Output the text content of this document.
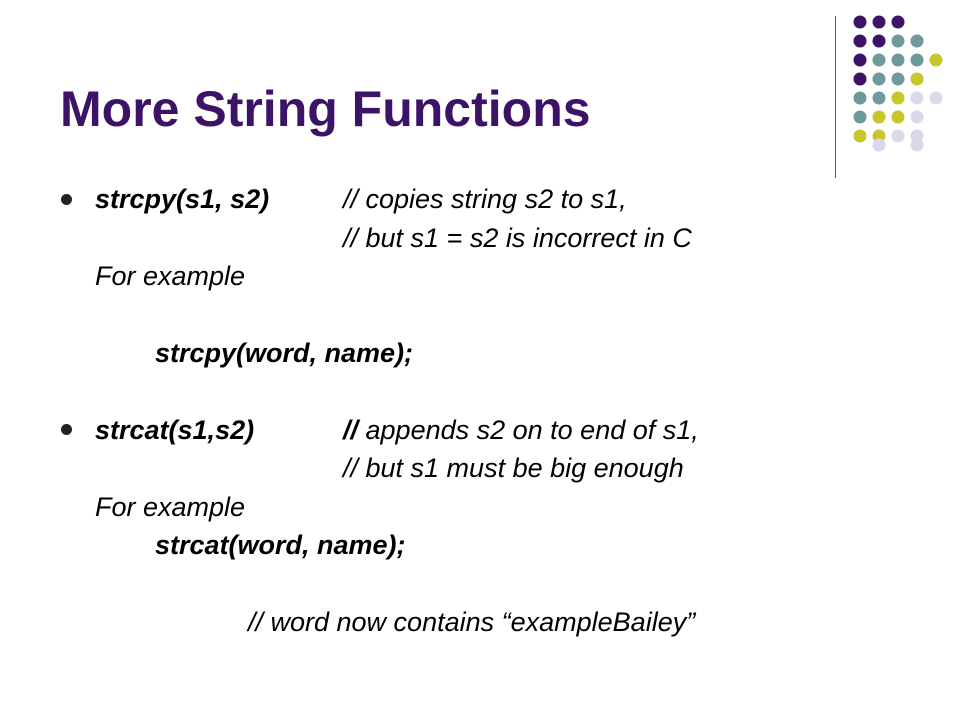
More String Functions
strcpy(s1, s2)	// copies string s2 to s1,
// but s1 = s2 is incorrect in C
For example
strcpy(word, name);
strcat(s1,s2)	// appends s2 on to end of s1,
// but s1 must be big enough
For example
strcat(word, name);
// word now contains “exampleBailey”
